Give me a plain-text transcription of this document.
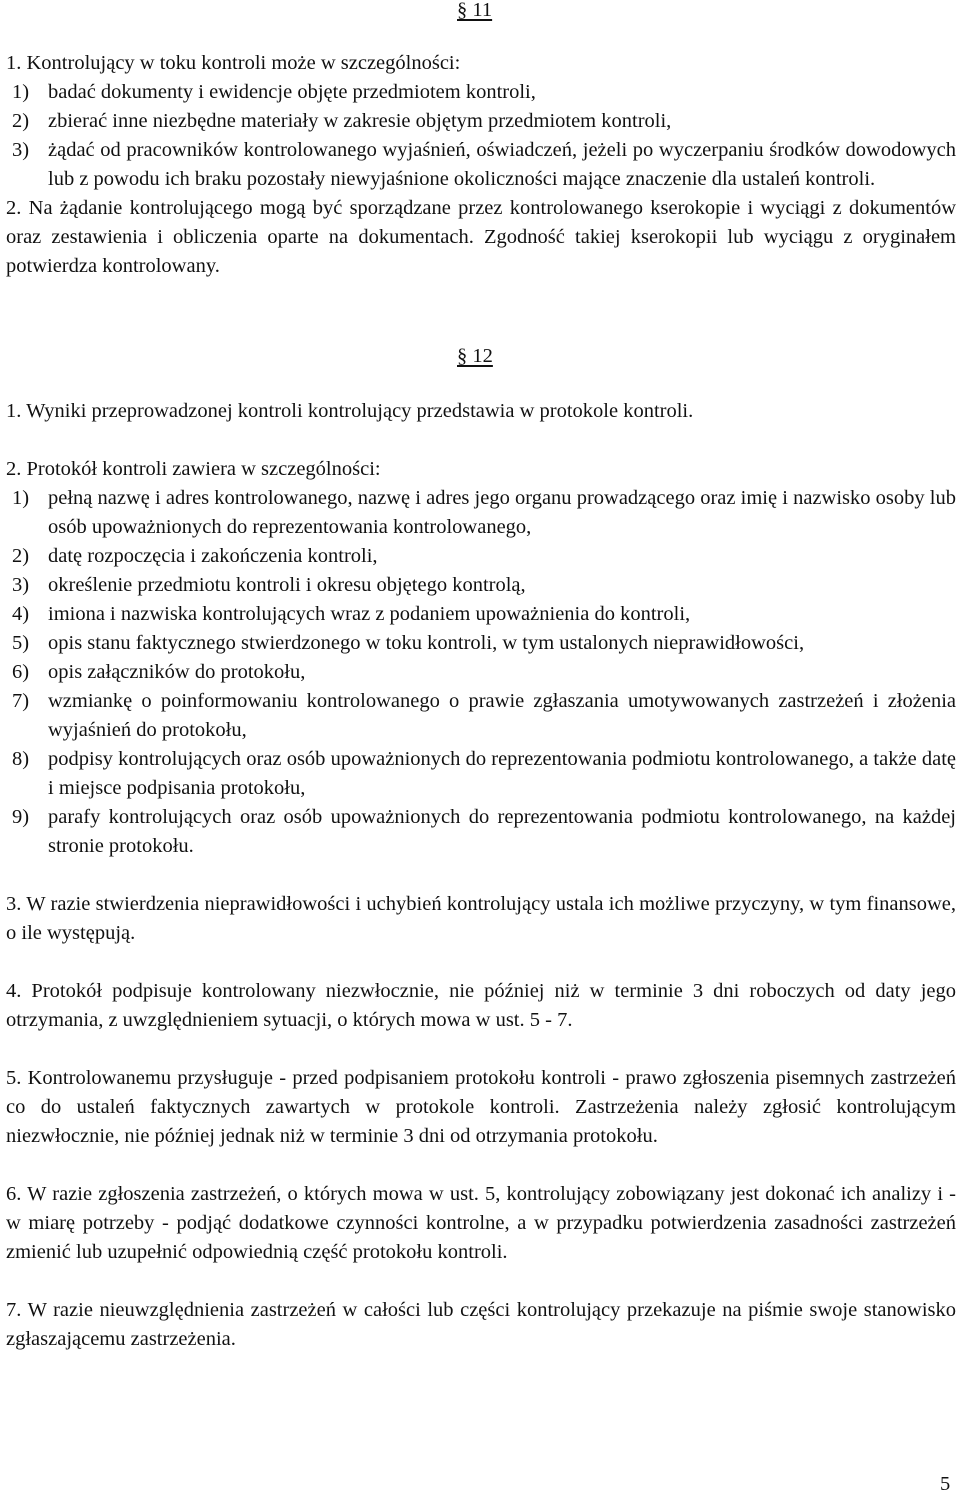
§ 11

1. Kontrolujący w toku kontroli może w szczególności:

1) badać dokumenty i ewidencje objęte przedmiotem kontroli,

2) zbierać inne niezbędne materiały w zakresie objętym przedmiotem kontroli,

3) żądać od pracowników kontrolowanego wyjaśnień, oświadczeń, jeżeli po wyczerpaniu środków dowodowych lub z powodu ich braku pozostały niewyjaśnione okoliczności mające znaczenie dla ustaleń kontroli.

2. Na żądanie kontrolującego mogą być sporządzane przez kontrolowanego kserokopie i wyciągi z dokumentów oraz zestawienia i obliczenia oparte na dokumentach. Zgodność takiej kserokopii lub wyciągu z oryginałem potwierdza kontrolowany.

§ 12

1. Wyniki przeprowadzonej kontroli kontrolujący przedstawia w protokole kontroli.

2. Protokół kontroli zawiera w szczególności:

1) pełną nazwę i adres kontrolowanego, nazwę i adres jego organu prowadzącego oraz imię i nazwisko osoby lub osób upoważnionych do reprezentowania kontrolowanego,

2) datę rozpoczęcia i zakończenia kontroli,

3) określenie przedmiotu kontroli i okresu objętego kontrolą,

4) imiona i nazwiska kontrolujących wraz z podaniem upoważnienia do kontroli,

5) opis stanu faktycznego stwierdzonego w toku kontroli, w tym ustalonych nieprawidłowości,

6) opis załączników do protokołu,

7) wzmiankę o poinformowaniu kontrolowanego o prawie zgłaszania umotywowanych zastrzeżeń i złożenia wyjaśnień do protokołu,

8) podpisy kontrolujących oraz osób upoważnionych do reprezentowania podmiotu kontrolowanego, a także datę i miejsce podpisania protokołu,

9) parafy kontrolujących oraz osób upoważnionych do reprezentowania podmiotu kontrolowanego, na każdej stronie protokołu.

3. W razie stwierdzenia nieprawidłowości i uchybień kontrolujący ustala ich możliwe przyczyny, w tym finansowe, o ile występują.

4. Protokół podpisuje kontrolowany niezwłocznie, nie później niż w terminie 3 dni roboczych od daty jego otrzymania, z uwzględnieniem sytuacji, o których mowa w ust. 5 - 7.

5. Kontrolowanemu przysługuje - przed podpisaniem protokołu kontroli - prawo zgłoszenia pisemnych zastrzeżeń co do ustaleń faktycznych zawartych w protokole kontroli. Zastrzeżenia należy zgłosić kontrolującym niezwłocznie, nie później jednak niż w terminie 3 dni od otrzymania protokołu.

6. W razie zgłoszenia zastrzeżeń, o których mowa w ust. 5, kontrolujący zobowiązany jest dokonać ich analizy i - w miarę potrzeby - podjąć dodatkowe czynności kontrolne, a w przypadku potwierdzenia zasadności zastrzeżeń zmienić lub uzupełnić odpowiednią część protokołu kontroli.

7. W razie nieuwzględnienia zastrzeżeń w całości lub części kontrolujący przekazuje na piśmie swoje stanowisko zgłaszającemu zastrzeżenia.

5
